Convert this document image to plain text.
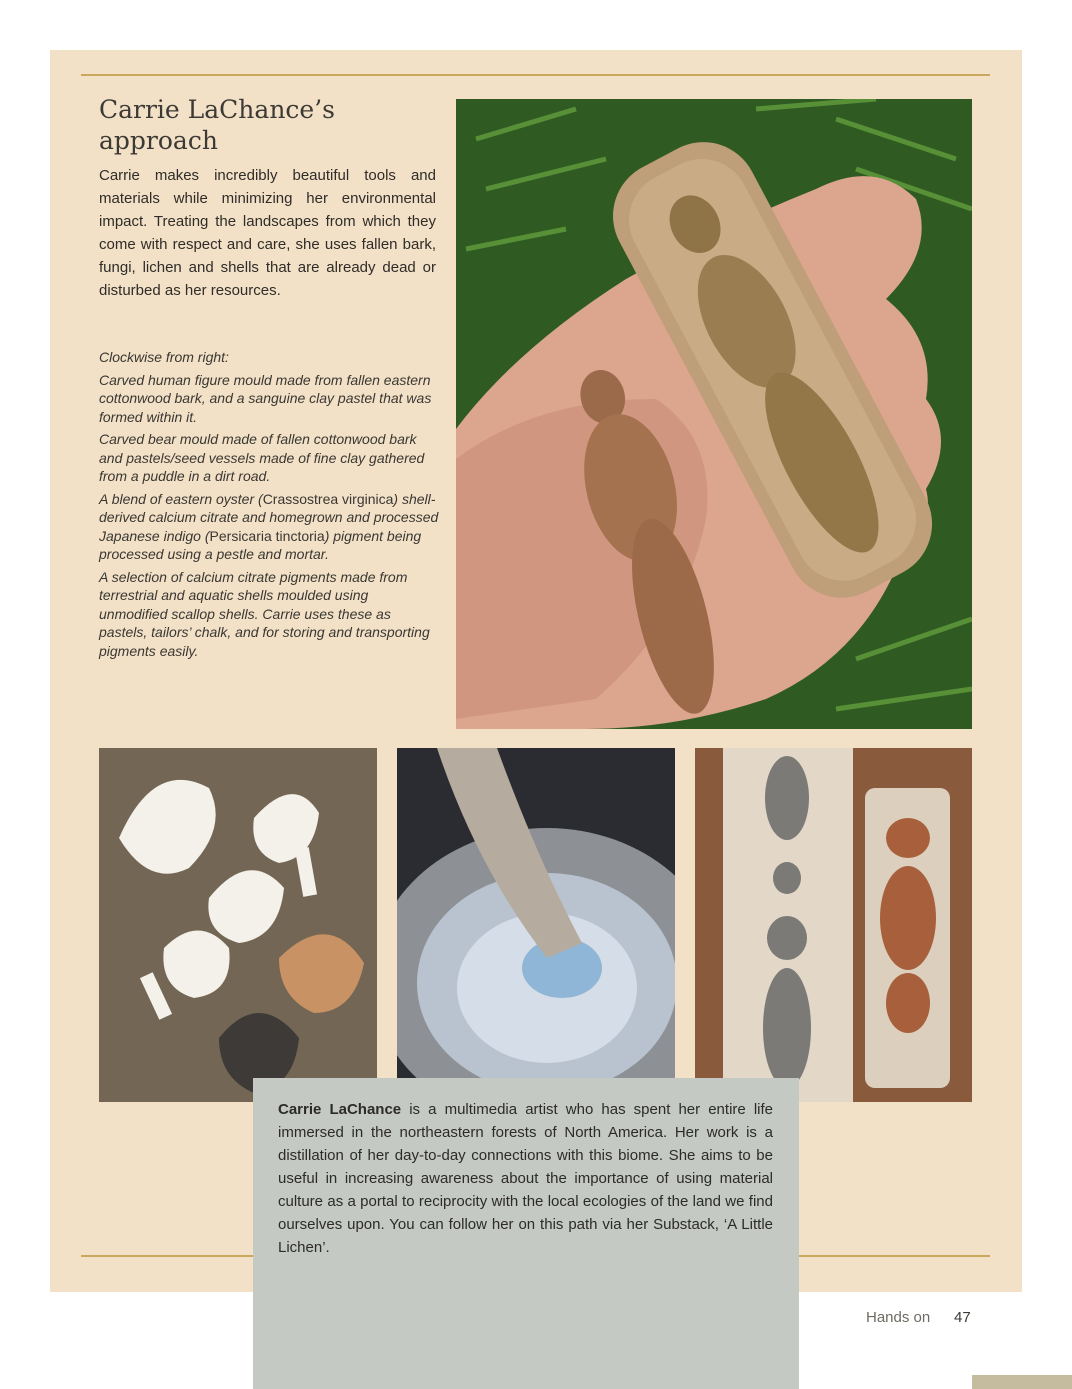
Carrie LaChance’s approach

Carrie makes incredibly beautiful tools and materials while minimizing her environmental impact. Treating the landscapes from which they come with respect and care, she uses fallen bark, fungi, lichen and shells that are already dead or disturbed as her resources.

Clockwise from right:

Carved human figure mould made from fallen eastern cottonwood bark, and a sanguine clay pastel that was formed within it.

Carved bear mould made of fallen cottonwood bark and pastels/seed vessels made of fine clay gathered from a puddle in a dirt road.

A blend of eastern oyster (Crassostrea virginica) shell-derived calcium citrate and homegrown and processed Japanese indigo (Persicaria tinctoria) pigment being processed using a pestle and mortar.

A selection of calcium citrate pigments made from terrestrial and aquatic shells moulded using unmodified scallop shells. Carrie uses these as pastels, tailors’ chalk, and for storing and transporting pigments easily.

Carrie LaChance is a multimedia artist who has spent her entire life immersed in the northeastern forests of North America. Her work is a distillation of her day-to-day connections with this biome. She aims to be useful in increasing awareness about the importance of using material culture as a portal to reciprocity with the local ecologies of the land we find ourselves upon. You can follow her on this path via her Substack, ‘A Little Lichen’.

Hands on 47
